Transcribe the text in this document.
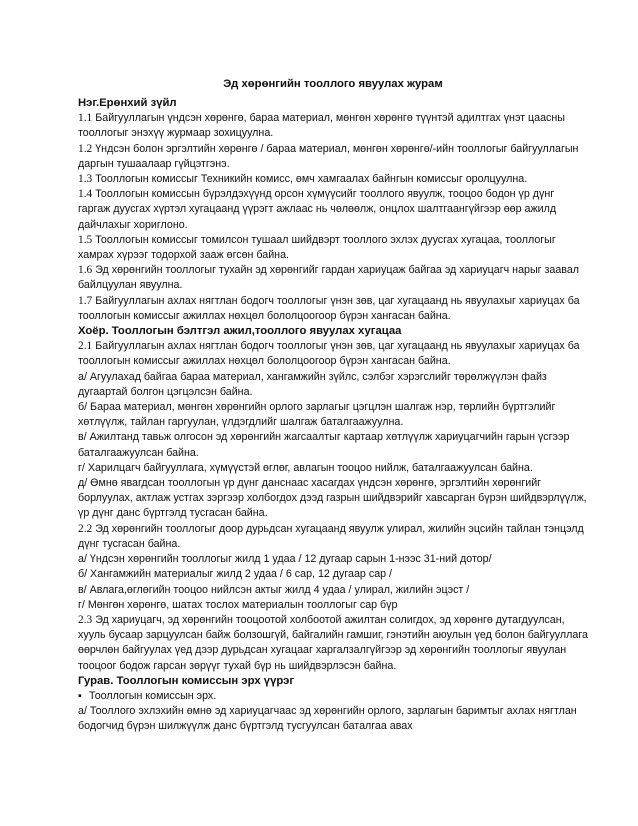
Эд хөрөнгийн тооллого явуулах журам

Нэг.Ерөнхий зүйл

1.1 Байгууллагын үндсэн хөрөнгө, бараа материал, мөнгөн хөрөнгө түүнтэй адилтгах үнэт цаасны тооллогыг энэхүү журмаар зохицуулна.

1.2 Үндсэн болон эргэлтийн хөрөнгө / бараа материал, мөнгөн хөрөнгө/-ийн тооллогыг байгууллагын даргын тушаалаар гүйцэтгэнэ.

1.3 Тооллогын комиссыг Техникийн комисс, өмч хамгаалах байнгын комиссыг оролцуулна.

1.4 Тооллогын комиссын бүрэлдэхүүнд орсон хүмүүсийг тооллого явуулж, тооцоо бодон үр дүнг гаргаж дуусгах хүртэл хугацаанд үүрэгт ажлаас нь чөлөөлж, онцлох шалтгаангүйгээр өөр ажилд дайчлахыг хориглоно.

1.5 Тооллогын комиссыг томилсон тушаал шийдвэрт тооллого эхлэх дуусгах хугацаа, тооллогыг хамрах хүрээг тодорхой зааж өгсөн байна.

1.6 Эд хөрөнгийн тооллогыг тухайн эд хөрөнгийг гардан хариуцаж байгаа эд хариуцагч нарыг заавал байлцуулан явуулна.

1.7 Байгууллагын ахлах нягтлан бодогч тооллогыг үнэн зөв, цаг хугацаанд нь явуулахыг хариуцах ба тооллогын комиссыг ажиллах нөхцөл бололцоогоор бүрэн хангасан байна.

Хоёр. Тооллогын бэлтгэл ажил,тооллого явуулах хугацаа

2.1 Байгууллагын ахлах нягтлан бодогч тооллогыг үнэн зөв, цаг хугацаанд нь явуулахыг хариуцах ба тооллогын комиссыг ажиллах нөхцөл бололцоогоор бүрэн хангасан байна.

а/ Агуулахад байгаа бараа материал, хангамжийн зүйлс, сэлбэг хэрэгслийг төрөлжүүлэн файз дугаартай болгон цэгцэлсэн байна.

б/ Бараа материал, мөнгөн хөрөнгийн орлого зарлагыг цэгцлэн шалгаж нэр, төрлийн бүртгэлийг хөтлүүлж, тайлан гаргуулан, үлдэгдлийг шалгаж баталгаажуулна.

в/ Ажилтанд тавьж олгосон эд хөрөнгийн жагсаалтыг картаар хөтлүүлж хариуцагчийн гарын үсгээр баталгаажуулсан байна.

г/ Харилцагч байгууллага, хүмүүстэй өглөг, авлагын тооцоо нийлж, баталгаажуулсан байна.

д/ Өмнө явагдсан тооллогын үр дүнг данснаас хасагдах үндсэн хөрөнгө, эргэлтийн хөрөнгийг борлуулах, актлаж устгах зэргээр холбогдох дээд газрын шийдвэрийг хавсарган бүрэн шийдвэрлүүлж, үр дүнг данс бүртгэлд тусгасан байна.

2.2 Эд хөрөнгийн тооллогыг доор дурьдсан хугацаанд явуулж улирал, жилийн эцсийн тайлан тэнцэлд дүнг тусгасан байна.

а/ Үндсэн хөрөнгийн тооллогыг жилд 1 удаа / 12 дугаар сарын 1-нээс 31-ний дотор/

б/ Хангамжийн материалыг жилд 2 удаа / 6 сар, 12 дугаар сар /

в/ Авлага,өглөгийн тооцоо нийлсэн актыг жилд 4 удаа / улирал, жилийн эцэст /

г/ Мөнгөн хөрөнгө, шатах тослох материалын тооллогыг сар бүр

2.3 Эд хариуцагч, эд хөрөнгийн тооцоотой холбоотой ажилтан солигдох, эд хөрөнгө дутагдуулсан, хууль бусаар зарцуулсан байж болзошгүй, байгалийн гамшиг, гэнэтийн аюулын үед болон байгууллага өөрчлөн байгуулах үед дээр дурьдсан хугацааг харгалзалгүйгээр эд хөрөнгийн тооллогыг явуулан тооцоог бодож гарсан зөрүүг тухай бүр нь шийдвэрлэсэн байна.

Гурав. Тооллогын комиссын эрх үүрэг

▪ Тооллогын комиссын эрх.

а/ Тооллого эхлэхийн өмнө эд хариуцагчаас эд хөрөнгийн орлого, зарлагын баримтыг ахлах нягтлан бодогчид бүрэн шилжүүлж данс бүртгэлд тусгуулсан баталгаа авах
